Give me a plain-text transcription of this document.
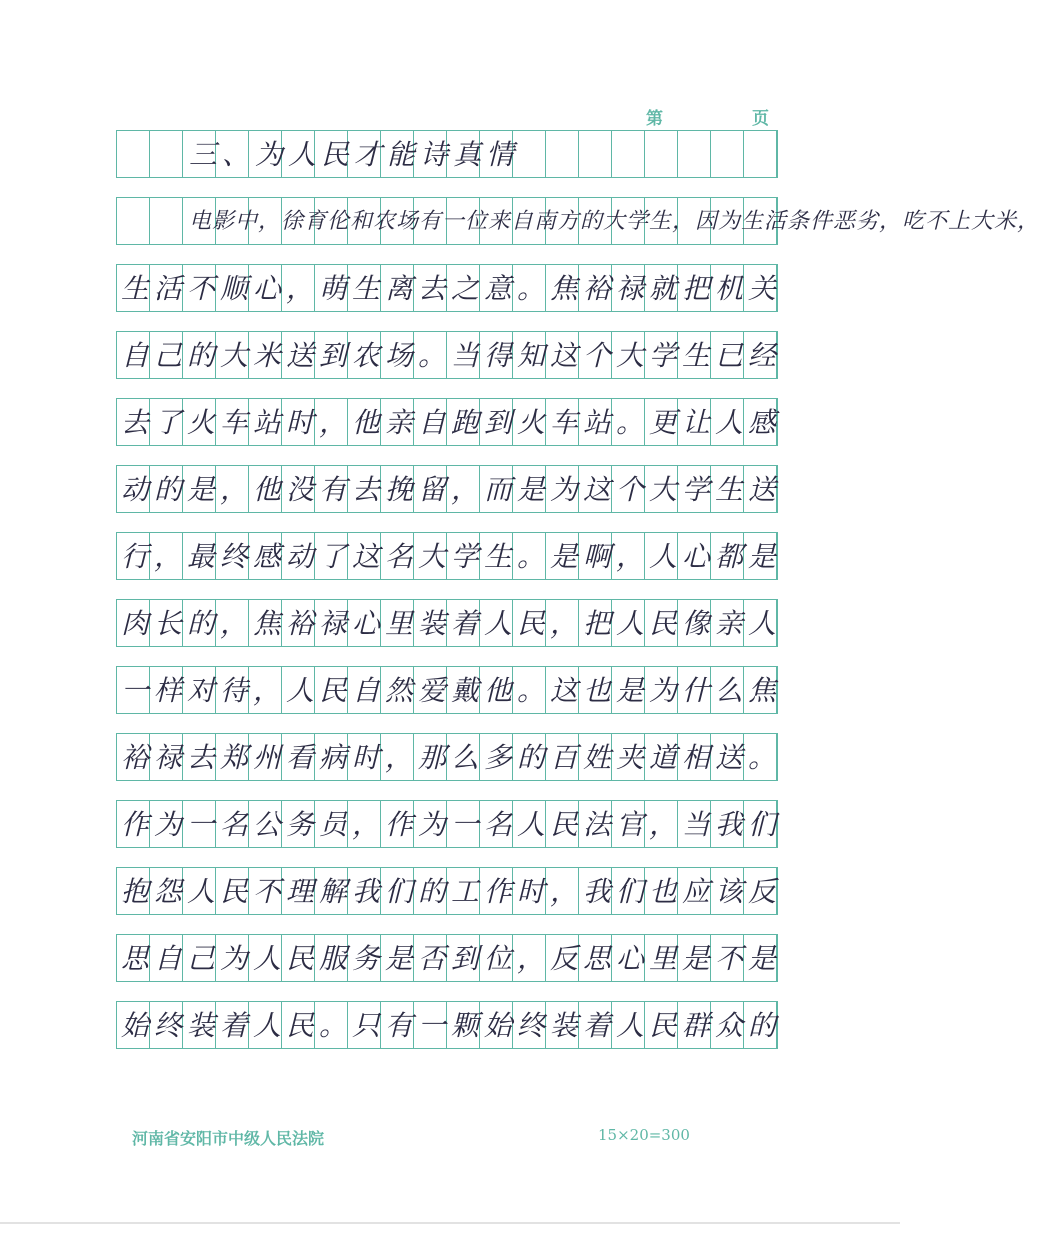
第	页
三、为人民才能诗真情
电影中，徐育伦和农场有一位来自南方的大学生，因为生活条件恶劣，吃不上大米，
生活不顺心，萌生离去之意。焦裕禄就把机关
自己的大米送到农场。当得知这个大学生已经
去了火车站时，他亲自跑到火车站。更让人感
动的是，他没有去挽留，而是为这个大学生送
行，最终感动了这名大学生。是啊，人心都是
肉长的，焦裕禄心里装着人民，把人民像亲人
一样对待，人民自然爱戴他。这也是为什么焦
裕禄去郑州看病时，那么多的百姓夹道相送。
作为一名公务员，作为一名人民法官，当我们
抱怨人民不理解我们的工作时，我们也应该反
思自己为人民服务是否到位，反思心里是不是
始终装着人民。只有一颗始终装着人民群众的
河南省安阳市中级人民法院	15×20=300
